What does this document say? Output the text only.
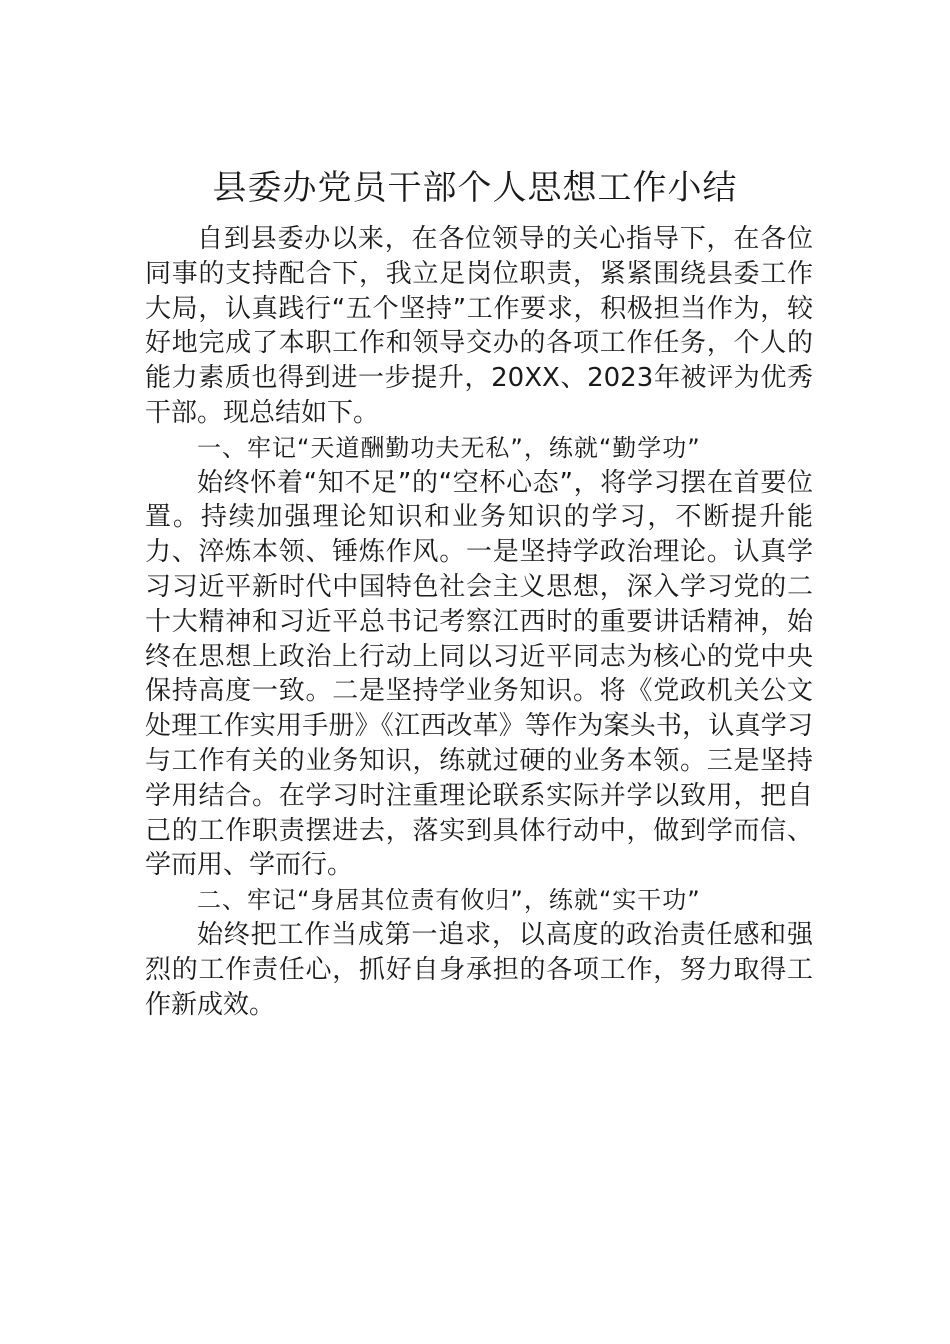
县委办党员干部个人思想工作小结

自到县委办以来，在各位领导的关心指导下，在各位同事的支持配合下，我立足岗位职责，紧紧围绕县委工作大局，认真践行“五个坚持”工作要求，积极担当作为，较好地完成了本职工作和领导交办的各项工作任务，个人的能力素质也得到进一步提升，20XX、2023年被评为优秀干部。现总结如下。

一、牢记“天道酬勤功夫无私”，练就“勤学功”

始终怀着“知不足”的“空杯心态”，将学习摆在首要位置。持续加强理论知识和业务知识的学习，不断提升能力、淬炼本领、锤炼作风。一是坚持学政治理论。认真学习习近平新时代中国特色社会主义思想，深入学习党的二十大精神和习近平总书记考察江西时的重要讲话精神，始终在思想上政治上行动上同以习近平同志为核心的党中央保持高度一致。二是坚持学业务知识。将《党政机关公文处理工作实用手册》《江西改革》等作为案头书，认真学习与工作有关的业务知识，练就过硬的业务本领。三是坚持学用结合。在学习时注重理论联系实际并学以致用，把自己的工作职责摆进去，落实到具体行动中，做到学而信、学而用、学而行。

二、牢记“身居其位责有攸归”，练就“实干功”

始终把工作当成第一追求，以高度的政治责任感和强烈的工作责任心，抓好自身承担的各项工作，努力取得工作新成效。
